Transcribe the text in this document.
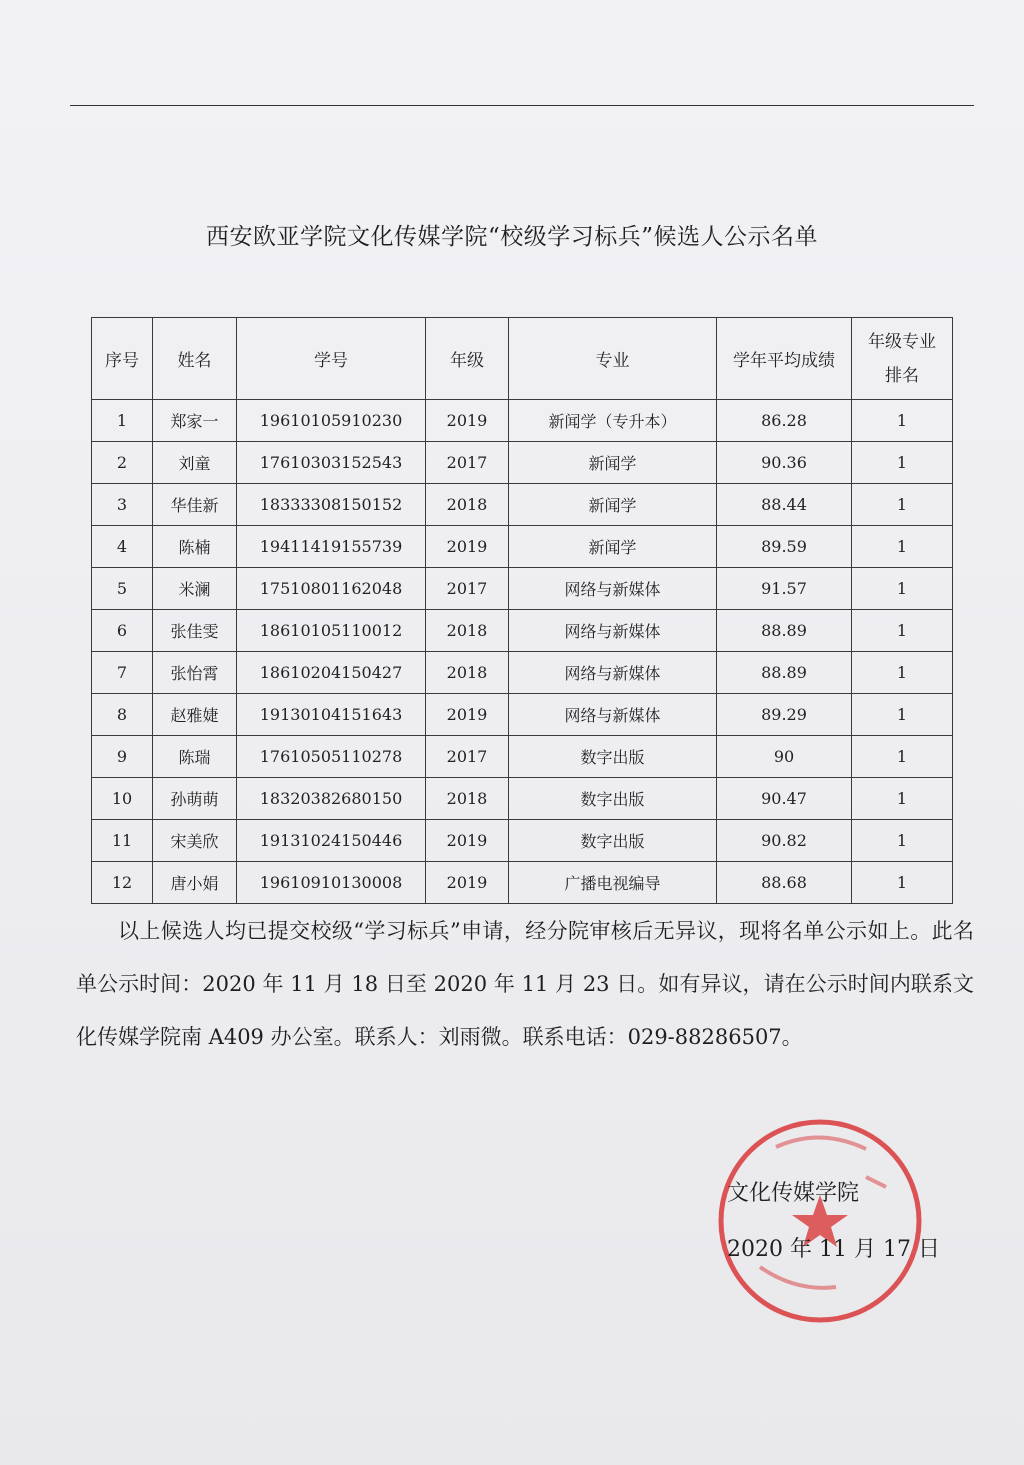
西安欧亚学院文化传媒学院“校级学习标兵”候选人公示名单
序号	姓名	学号	年级	专业	学年平均成绩	年级专业
排名

1	郑家一	19610105910230	2019	新闻学（专升本）	86.28	1
2	刘童	17610303152543	2017	新闻学	90.36	1
3	华佳新	18333308150152	2018	新闻学	88.44	1
4	陈楠	19411419155739	2019	新闻学	89.59	1
5	米澜	17510801162048	2017	网络与新媒体	91.57	1
6	张佳雯	18610105110012	2018	网络与新媒体	88.89	1
7	张怡霄	18610204150427	2018	网络与新媒体	88.89	1
8	赵雅婕	19130104151643	2019	网络与新媒体	89.29	1
9	陈瑞	17610505110278	2017	数字出版	90	1
10	孙萌萌	18320382680150	2018	数字出版	90.47	1
11	宋美欣	19131024150446	2019	数字出版	90.82	1
12	唐小娟	19610910130008	2019	广播电视编导	88.68	1

以上候选人均已提交校级“学习标兵”申请，经分院审核后无异议，现将名单公示如上。此名单公示时间：2020 年 11 月 18 日至 2020 年 11 月 23 日。如有异议，请在公示时间内联系文化传媒学院南 A409 办公室。联系人：刘雨微。联系电话：029-88286507。

文化传媒学院
2020 年 11 月 17 日
